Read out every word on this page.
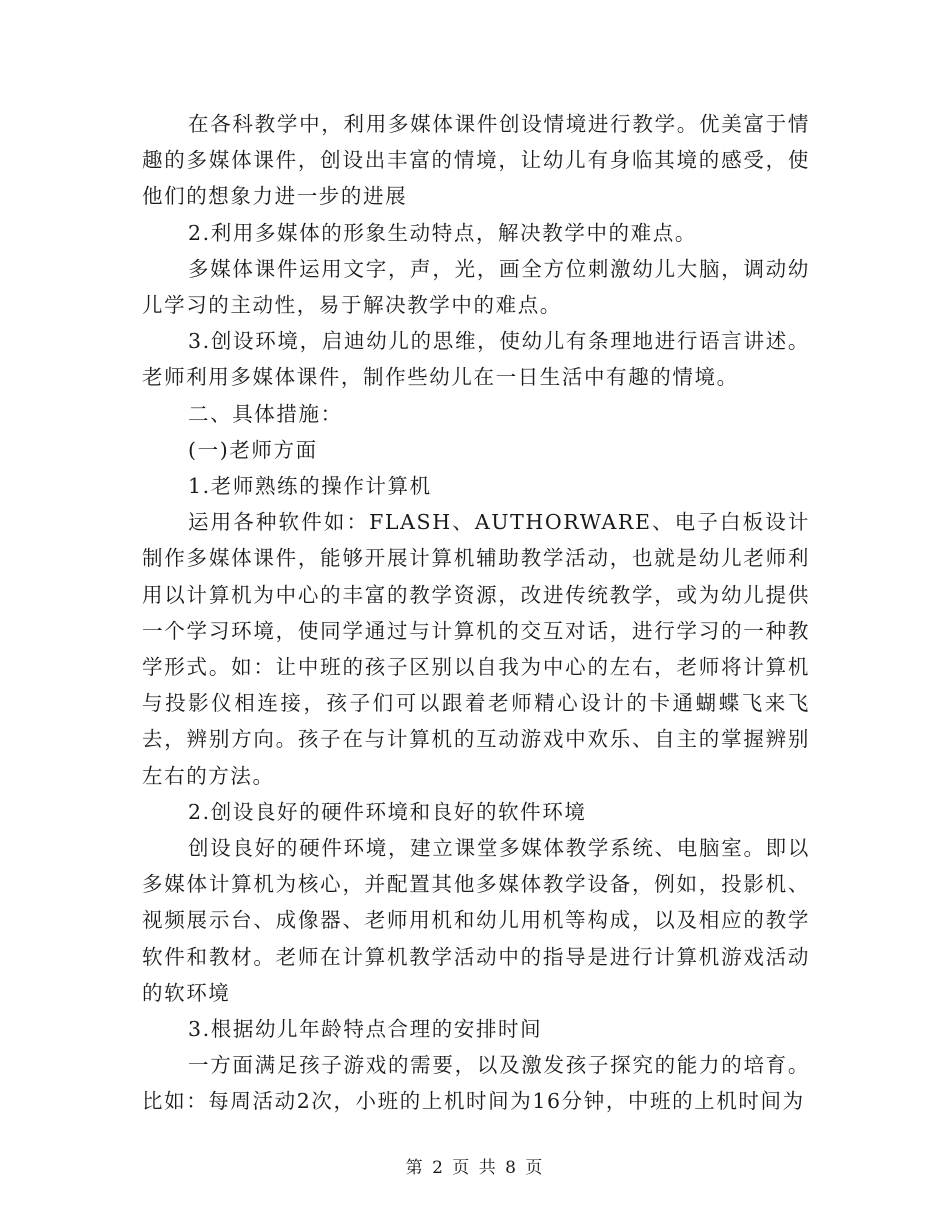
在各科教学中，利用多媒体课件创设情境进行教学。优美富于情趣的多媒体课件，创设出丰富的情境，让幼儿有身临其境的感受，使他们的想象力进一步的进展

2.利用多媒体的形象生动特点，解决教学中的难点。

多媒体课件运用文字，声，光，画全方位刺激幼儿大脑，调动幼儿学习的主动性，易于解决教学中的难点。

3.创设环境，启迪幼儿的思维，使幼儿有条理地进行语言讲述。老师利用多媒体课件，制作些幼儿在一日生活中有趣的情境。

二、具体措施：

(一)老师方面

1.老师熟练的操作计算机

运用各种软件如：FLASH、AUTHORWARE、电子白板设计制作多媒体课件，能够开展计算机辅助教学活动，也就是幼儿老师利用以计算机为中心的丰富的教学资源，改进传统教学，或为幼儿提供一个学习环境，使同学通过与计算机的交互对话，进行学习的一种教学形式。如：让中班的孩子区别以自我为中心的左右，老师将计算机与投影仪相连接，孩子们可以跟着老师精心设计的卡通蝴蝶飞来飞去，辨别方向。孩子在与计算机的互动游戏中欢乐、自主的掌握辨别左右的方法。

2.创设良好的硬件环境和良好的软件环境

创设良好的硬件环境，建立课堂多媒体教学系统、电脑室。即以多媒体计算机为核心，并配置其他多媒体教学设备，例如，投影机、视频展示台、成像器、老师用机和幼儿用机等构成，以及相应的教学软件和教材。老师在计算机教学活动中的指导是进行计算机游戏活动的软环境

3.根据幼儿年龄特点合理的安排时间

一方面满足孩子游戏的需要，以及激发孩子探究的能力的培育。比如：每周活动2次，小班的上机时间为16分钟，中班的上机时间为

第 2 页 共 8 页
